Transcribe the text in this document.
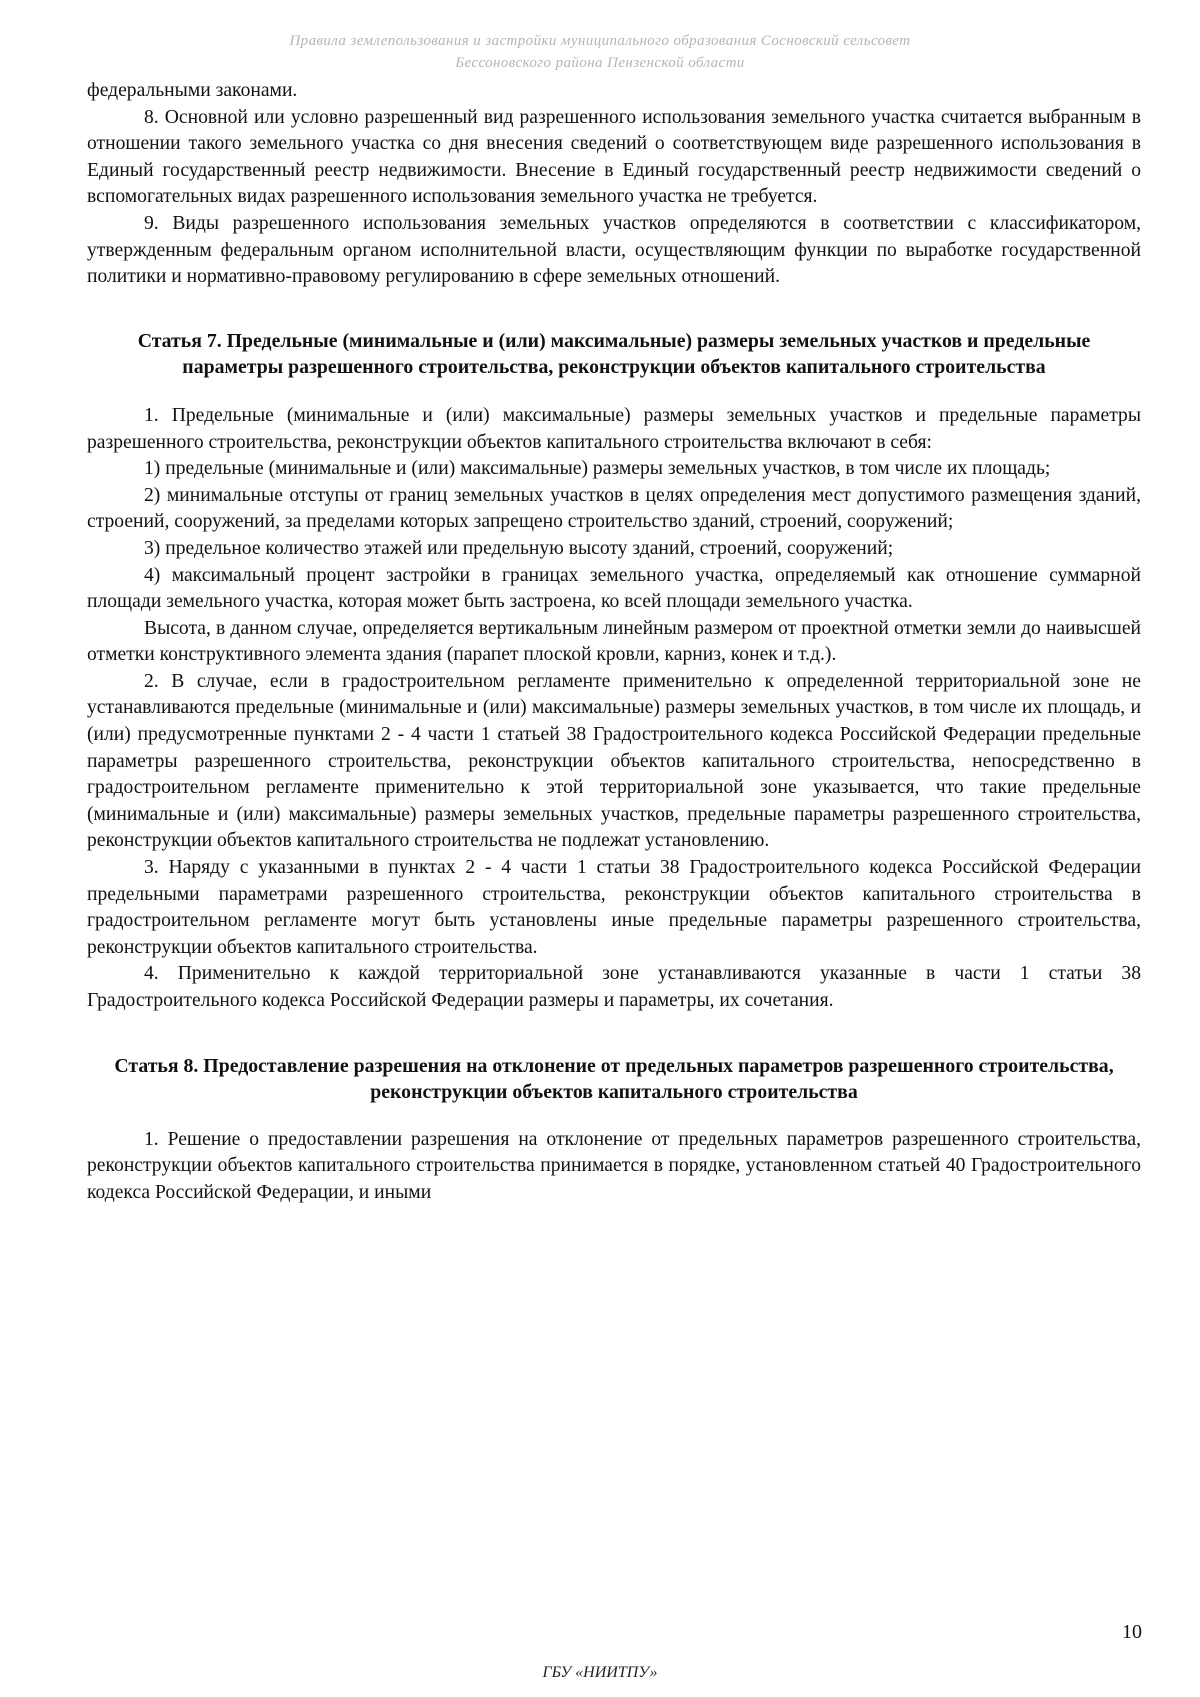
Правила землепользования и застройки муниципального образования Сосновский сельсовет
Бессоновского района Пензенской области

федеральными законами.

8. Основной или условно разрешенный вид разрешенного использования земельного участка считается выбранным в отношении такого земельного участка со дня внесения сведений о соответствующем виде разрешенного использования в Единый государственный реестр недвижимости. Внесение в Единый государственный реестр недвижимости сведений о вспомогательных видах разрешенного использования земельного участка не требуется.

9. Виды разрешенного использования земельных участков определяются в соответствии с классификатором, утвержденным федеральным органом исполнительной власти, осуществляющим функции по выработке государственной политики и нормативно-правовому регулированию в сфере земельных отношений.

Статья 7. Предельные (минимальные и (или) максимальные) размеры земельных участков и предельные параметры разрешенного строительства, реконструкции объектов капитального строительства

1. Предельные (минимальные и (или) максимальные) размеры земельных участков и предельные параметры разрешенного строительства, реконструкции объектов капитального строительства включают в себя:

1) предельные (минимальные и (или) максимальные) размеры земельных участков, в том числе их площадь;

2) минимальные отступы от границ земельных участков в целях определения мест допустимого размещения зданий, строений, сооружений, за пределами которых запрещено строительство зданий, строений, сооружений;

3) предельное количество этажей или предельную высоту зданий, строений, сооружений;

4) максимальный процент застройки в границах земельного участка, определяемый как отношение суммарной площади земельного участка, которая может быть застроена, ко всей площади земельного участка.

Высота, в данном случае, определяется вертикальным линейным размером от проектной отметки земли до наивысшей отметки конструктивного элемента здания (парапет плоской кровли, карниз, конек и т.д.).

2. В случае, если в градостроительном регламенте применительно к определенной территориальной зоне не устанавливаются предельные (минимальные и (или) максимальные) размеры земельных участков, в том числе их площадь, и (или) предусмотренные пунктами 2 - 4 части 1 статьей 38 Градостроительного кодекса Российской Федерации предельные параметры разрешенного строительства, реконструкции объектов капитального строительства, непосредственно в градостроительном регламенте применительно к этой территориальной зоне указывается, что такие предельные (минимальные и (или) максимальные) размеры земельных участков, предельные параметры разрешенного строительства, реконструкции объектов капитального строительства не подлежат установлению.

3. Наряду с указанными в пунктах 2 - 4 части 1 статьи 38 Градостроительного кодекса Российской Федерации предельными параметрами разрешенного строительства, реконструкции объектов капитального строительства в градостроительном регламенте могут быть установлены иные предельные параметры разрешенного строительства, реконструкции объектов капитального строительства.

4. Применительно к каждой территориальной зоне устанавливаются указанные в части 1 статьи 38 Градостроительного кодекса Российской Федерации размеры и параметры, их сочетания.

Статья 8. Предоставление разрешения на отклонение от предельных параметров разрешенного строительства, реконструкции объектов капитального строительства

1. Решение о предоставлении разрешения на отклонение от предельных параметров разрешенного строительства, реконструкции объектов капитального строительства принимается в порядке, установленном статьей 40 Градостроительного кодекса Российской Федерации, и иными

10
ГБУ «НИИТПУ»
